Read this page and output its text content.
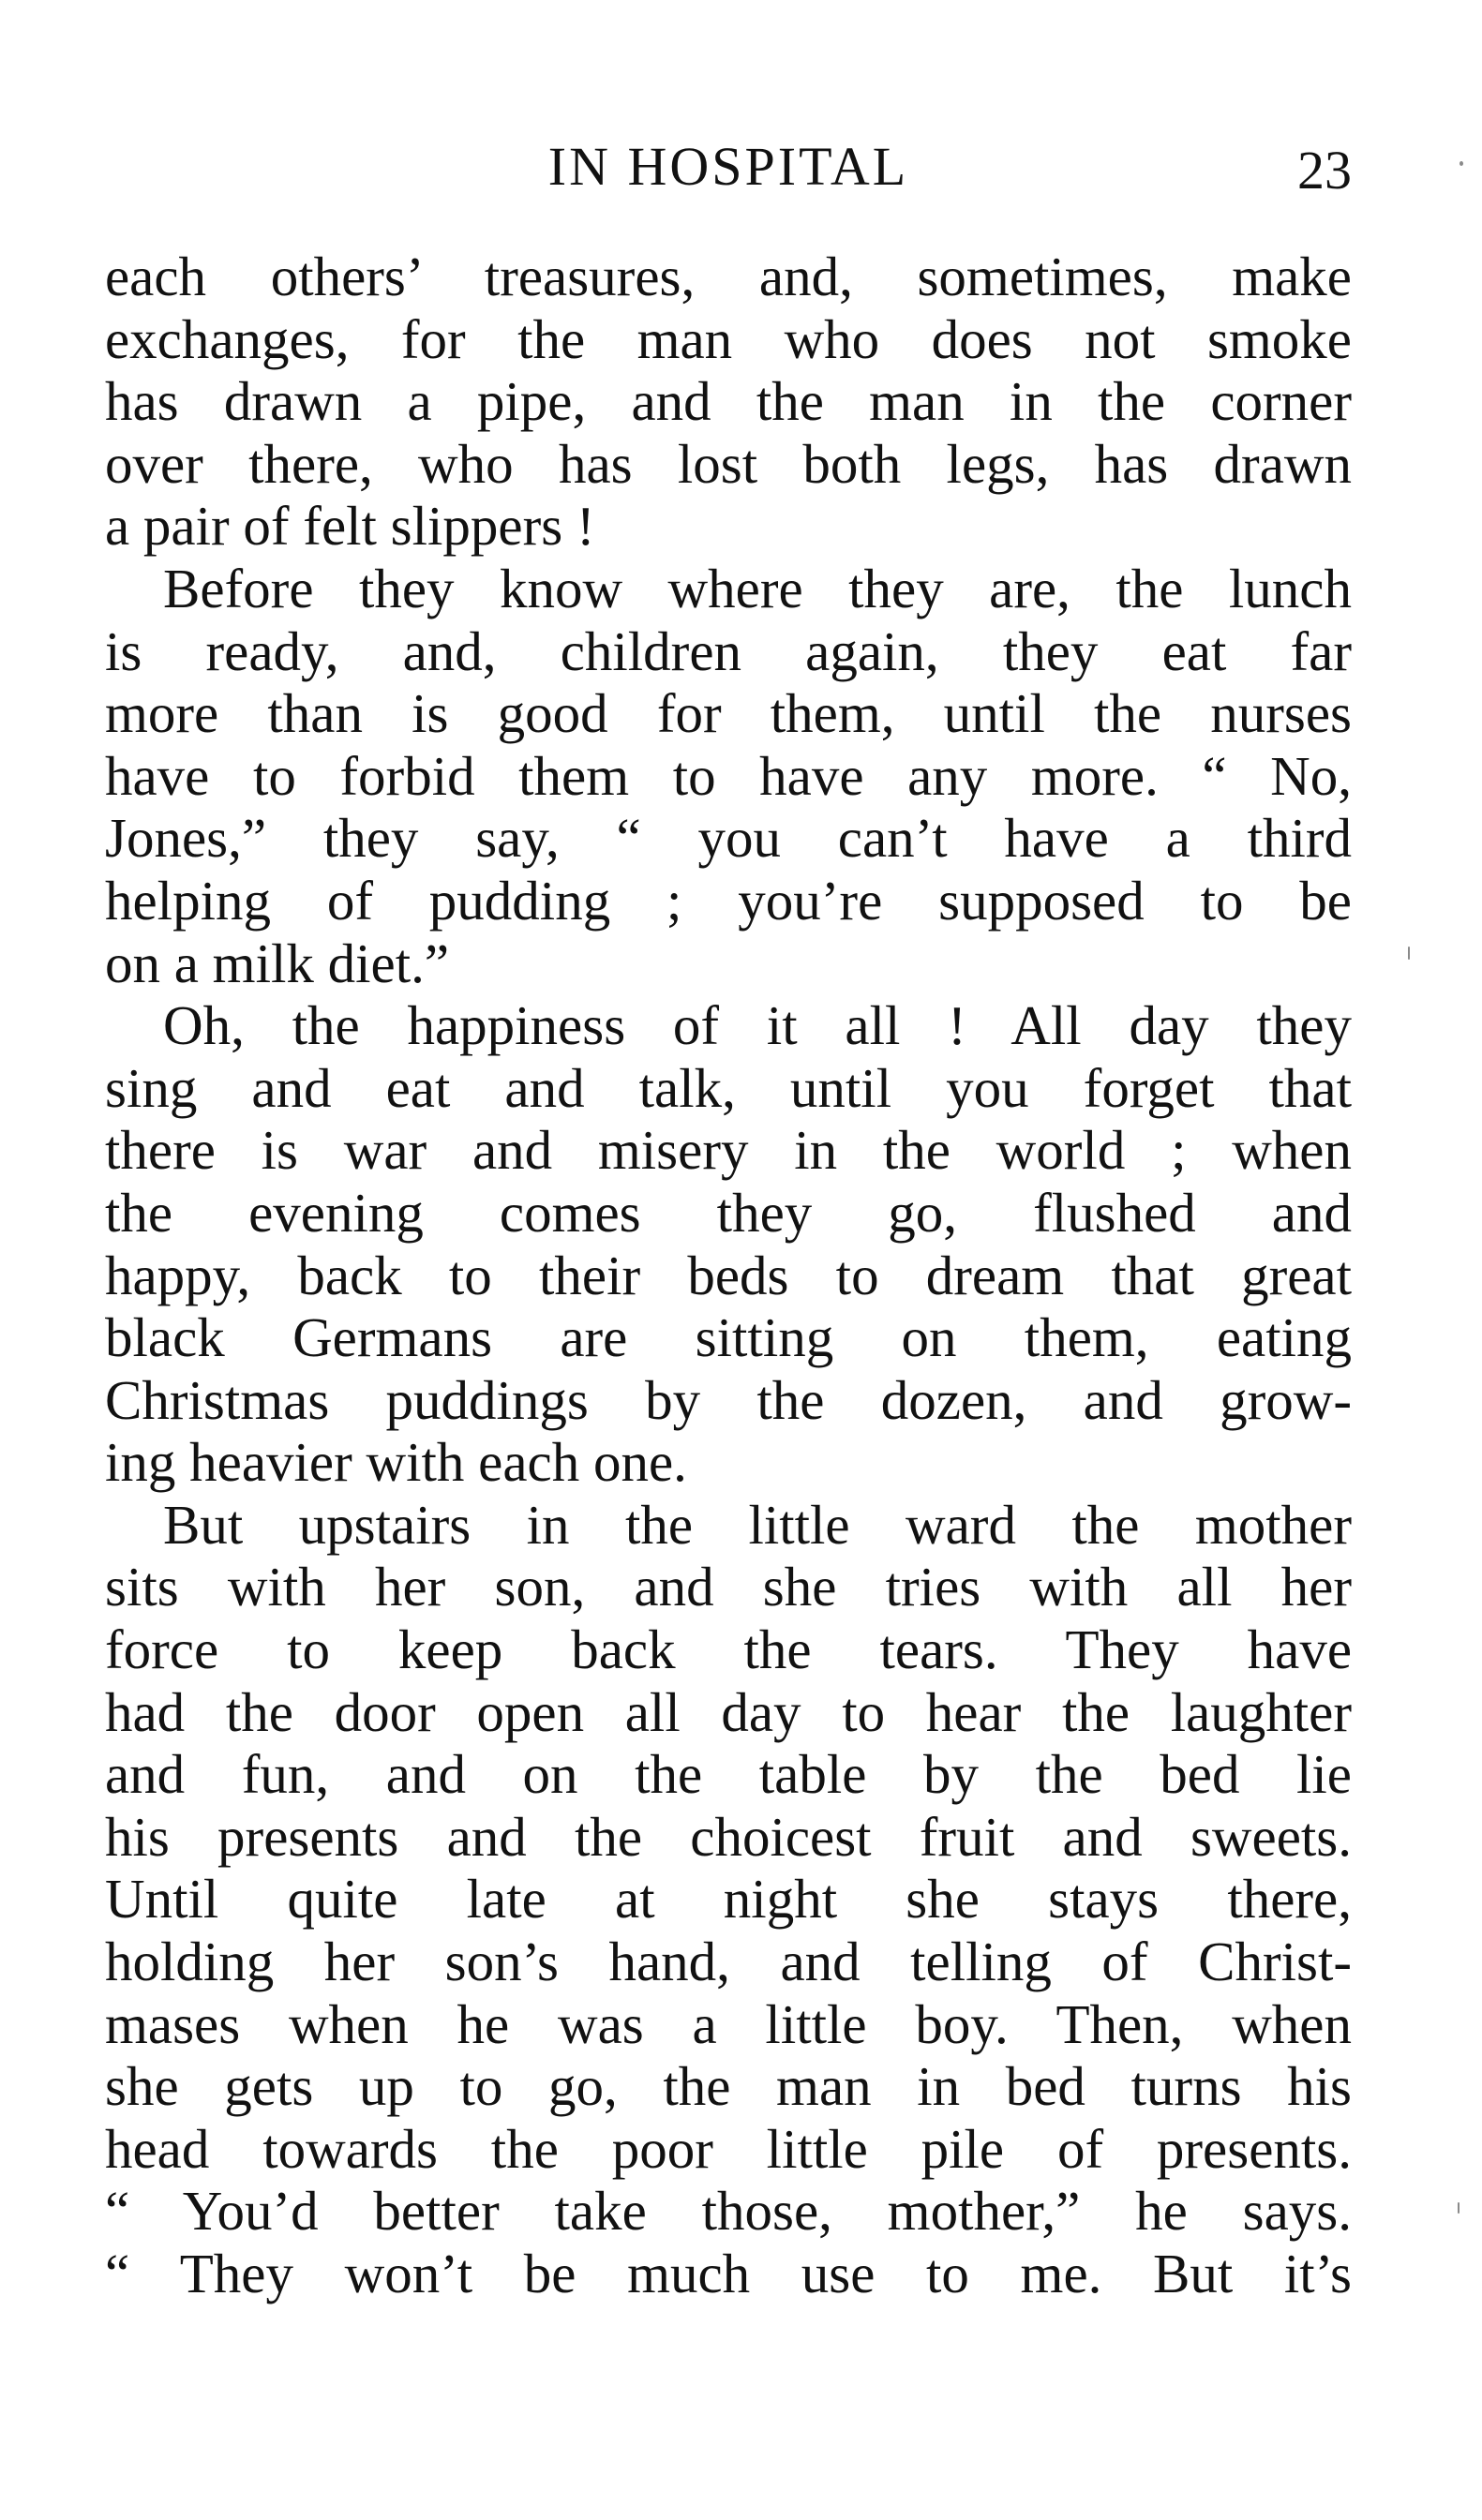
IN HOSPITAL	23
each others’ treasures, and, sometimes, make
exchanges, for the man who does not smoke
has drawn a pipe, and the man in the corner
over there, who has lost both legs, has drawn
a pair of felt slippers !
Before they know where they are, the lunch
is ready, and, children again, they eat far
more than is good for them, until the nurses
have to forbid them to have any more. “ No,
Jones,” they say, “ you can’t have a third
helping of pudding ; you’re supposed to be
on a milk diet.”
Oh, the happiness of it all ! All day they
sing and eat and talk, until you forget that
there is war and misery in the world ; when
the evening comes they go, flushed and
happy, back to their beds to dream that great
black Germans are sitting on them, eating
Christmas puddings by the dozen, and grow-
ing heavier with each one.
But upstairs in the little ward the mother
sits with her son, and she tries with all her
force to keep back the tears. They have
had the door open all day to hear the laughter
and fun, and on the table by the bed lie
his presents and the choicest fruit and sweets.
Until quite late at night she stays there,
holding her son’s hand, and telling of Christ-
mases when he was a little boy. Then, when
she gets up to go, the man in bed turns his
head towards the poor little pile of presents.
“ You’d better take those, mother,” he says.
“ They won’t be much use to me. But it’s
